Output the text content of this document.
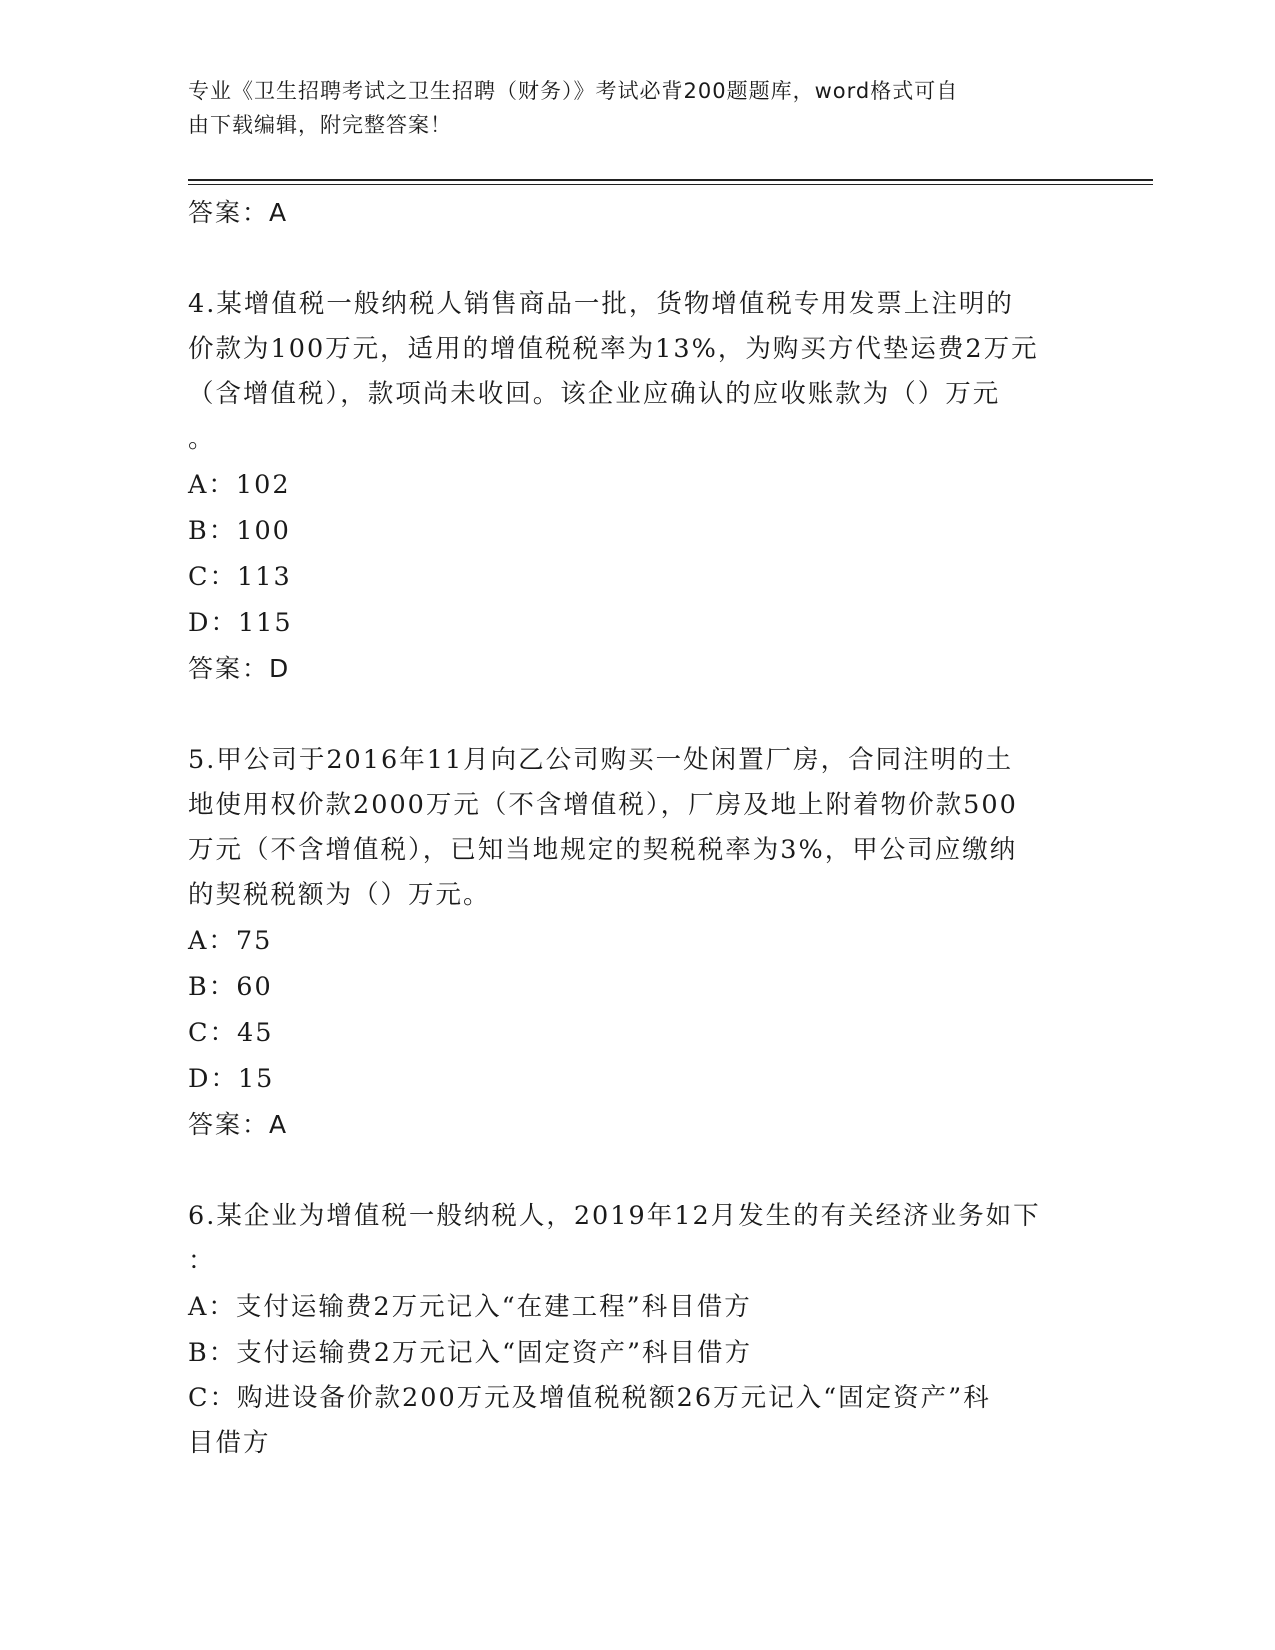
专业《卫生招聘考试之卫生招聘（财务）》考试必背200题题库，word格式可自
由下载编辑，附完整答案！

答案：A

4.某增值税一般纳税人销售商品一批，货物增值税专用发票上注明的

价款为100万元，适用的增值税税率为13%，为购买方代垫运费2万元

（含增值税），款项尚未收回。该企业应确认的应收账款为（）万元

。

A：102

B：100

C：113

D：115

答案：D

5.甲公司于2016年11月向乙公司购买一处闲置厂房，合同注明的土

地使用权价款2000万元（不含增值税），厂房及地上附着物价款500

万元（不含增值税），已知当地规定的契税税率为3%，甲公司应缴纳

的契税税额为（）万元。

A：75

B：60

C：45

D：15

答案：A

6.某企业为增值税一般纳税人，2019年12月发生的有关经济业务如下

：

A：支付运输费2万元记入“在建工程”科目借方

B：支付运输费2万元记入“固定资产”科目借方

C：购进设备价款200万元及增值税税额26万元记入“固定资产”科

目借方
